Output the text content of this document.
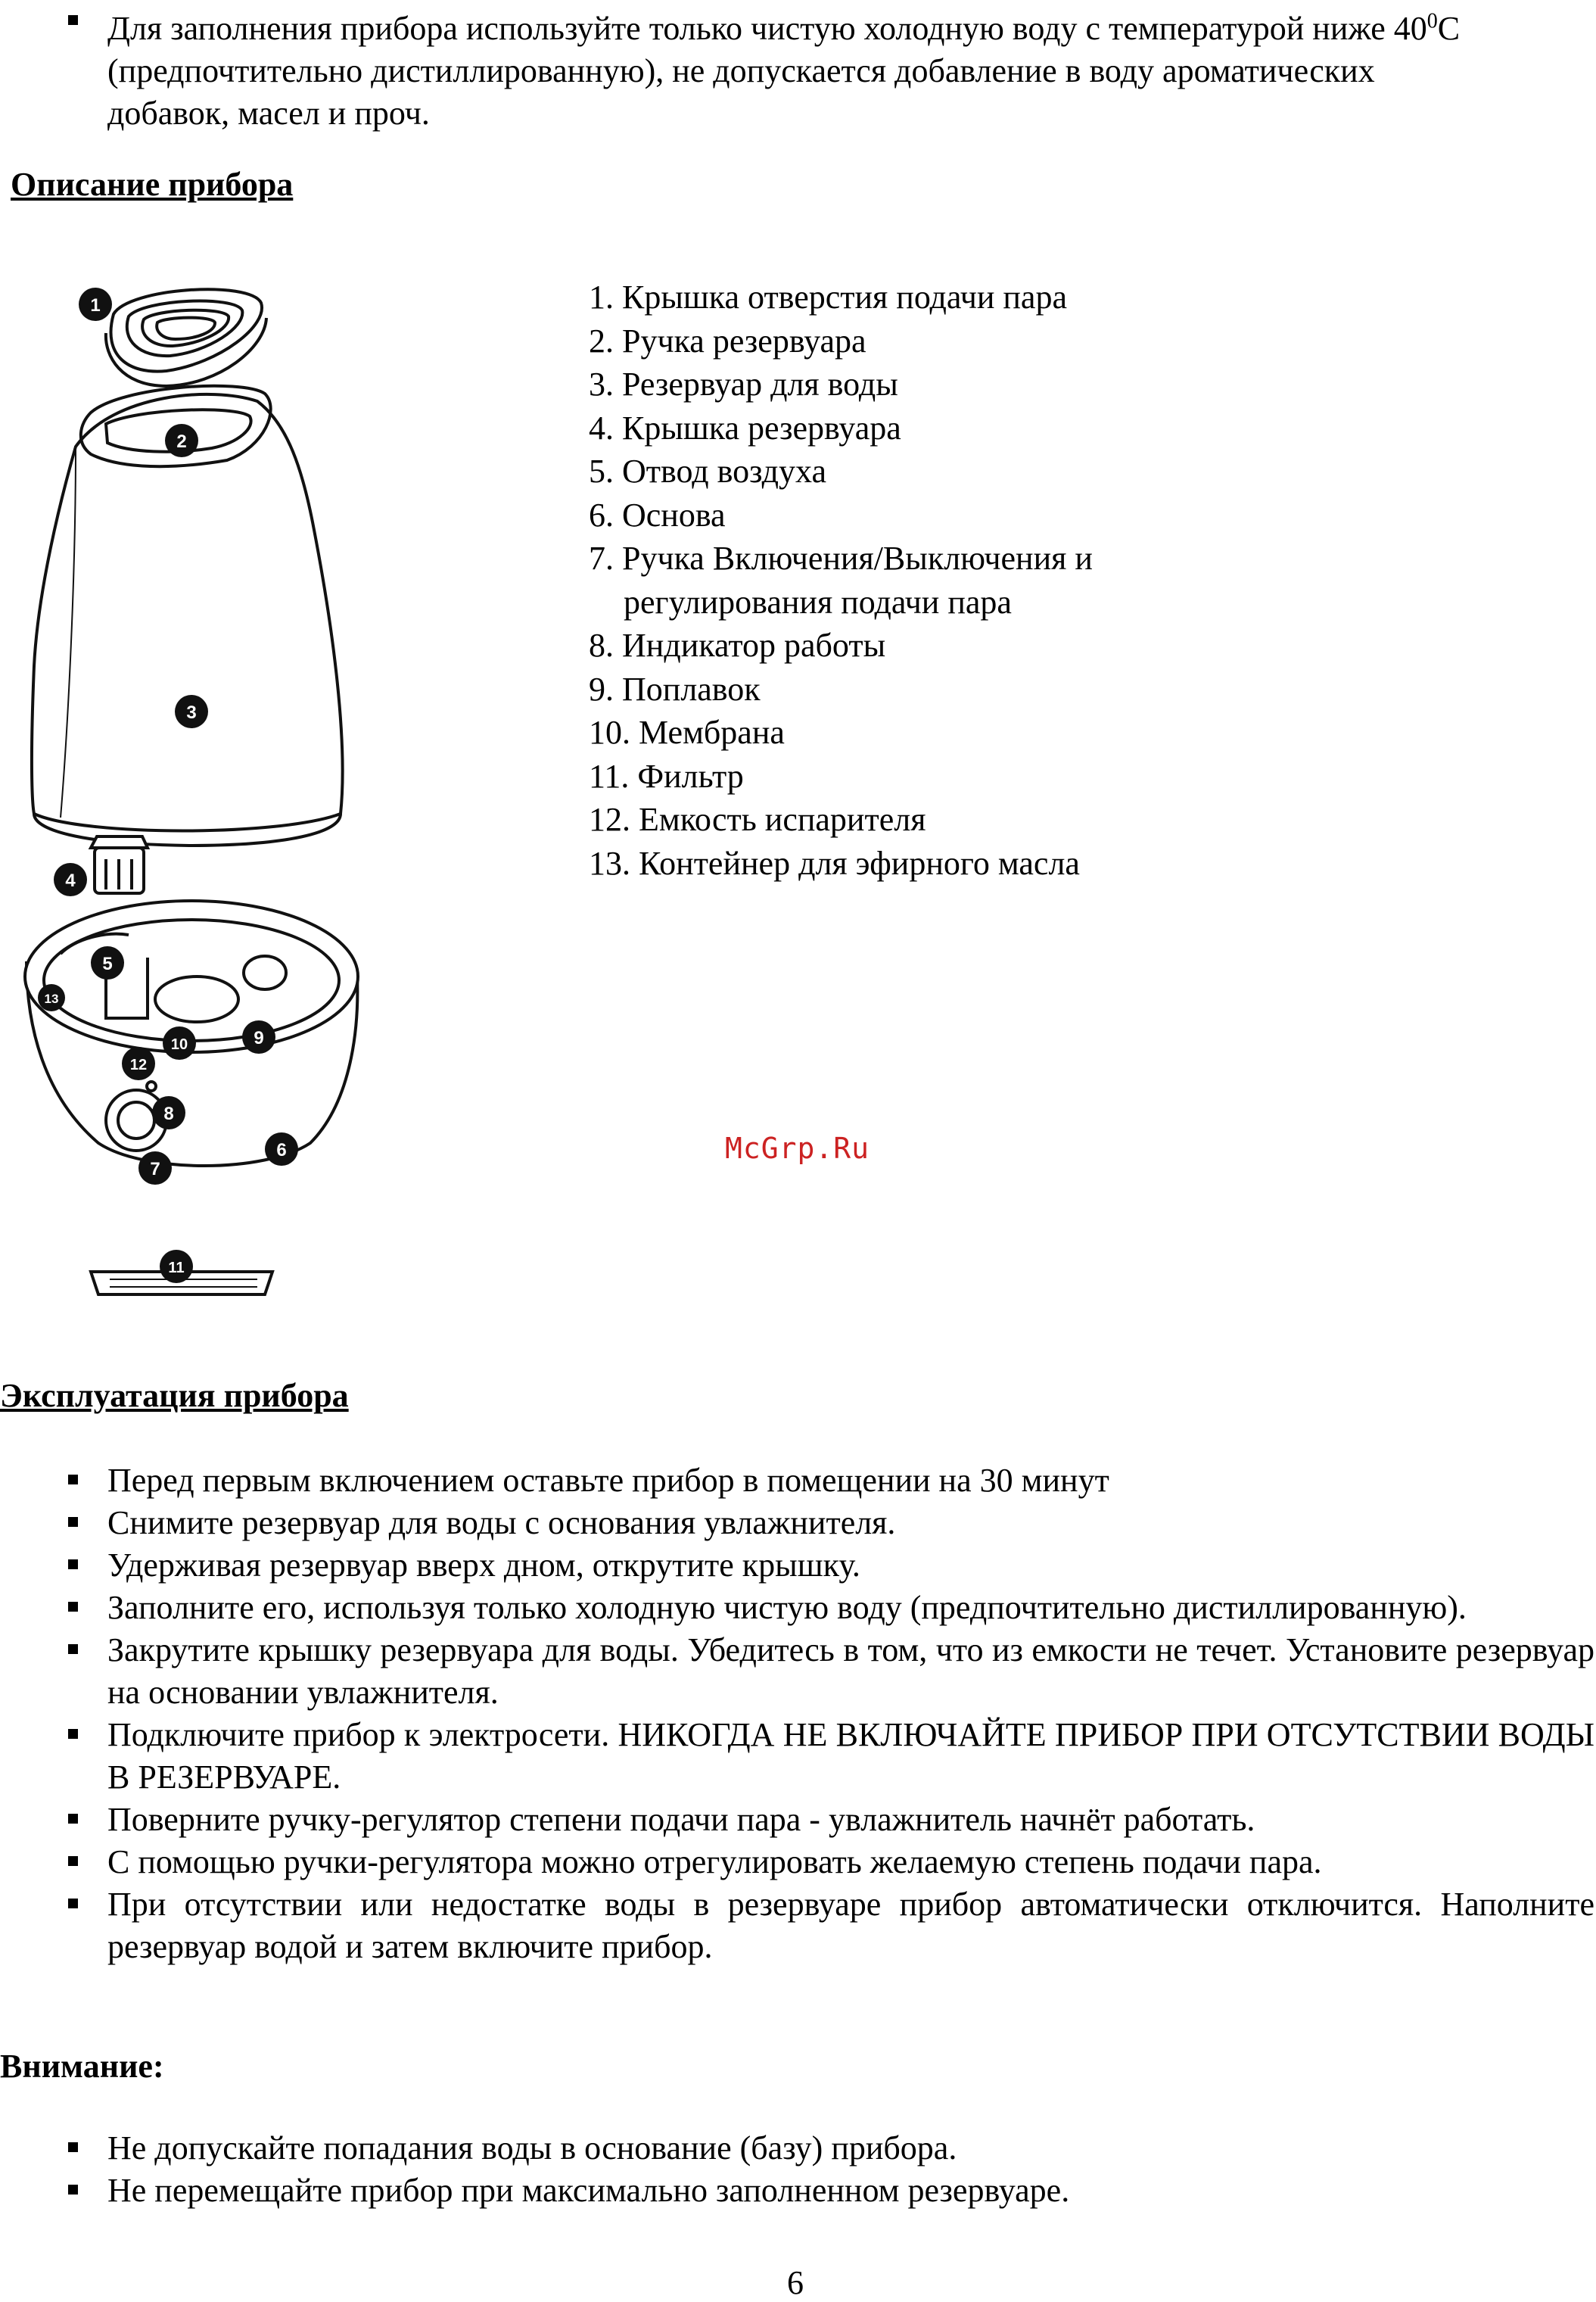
Для заполнения прибора используйте только чистую холодную воду с температурой ниже $40^0С$
(предпочтительно дистиллированную), не допускается добавление в воду ароматических
добавок, масел и проч.
Описание прибора
1
2
3
4
5
6
7
8
9
10
11
12
13
1. Крышка отверстия подачи пара
2. Ручка резервуара
3. Резервуар для воды
4. Крышка резервуара
5. Отвод воздуха
6. Основа
7. Ручка Включения/Выключения и
регулирования подачи пара
8. Индикатор работы
9. Поплавок
10. Мембрана
11. Фильтр
12. Емкость испарителя
13. Контейнер для эфирного масла
McGrp.Ru
Эксплуатация прибора
Перед первым включением оставьте прибор в помещении на 30 минут
Снимите резервуар для воды с основания увлажнителя.
Удерживая резервуар вверх дном, открутите крышку.
Заполните его, используя только холодную чистую воду (предпочтительно дистиллированную).
Закрутите крышку резервуара для воды. Убедитесь в том, что из емкости не течет. Установите резервуар на основании увлажнителя.
Подключите прибор к электросети. НИКОГДА НЕ ВКЛЮЧАЙТЕ ПРИБОР ПРИ ОТСУТСТВИИ ВОДЫ В РЕЗЕРВУАРЕ.
Поверните ручку-регулятор степени подачи пара - увлажнитель начнёт работать.
С помощью ручки-регулятора можно отрегулировать желаемую степень подачи пара.
При отсутствии или недостатке воды в резервуаре прибор автоматически отключится. Наполните резервуар водой и затем включите прибор.
Внимание:
Не допускайте попадания воды в основание (базу) прибора.
Не перемещайте прибор при максимально заполненном резервуаре.
6
